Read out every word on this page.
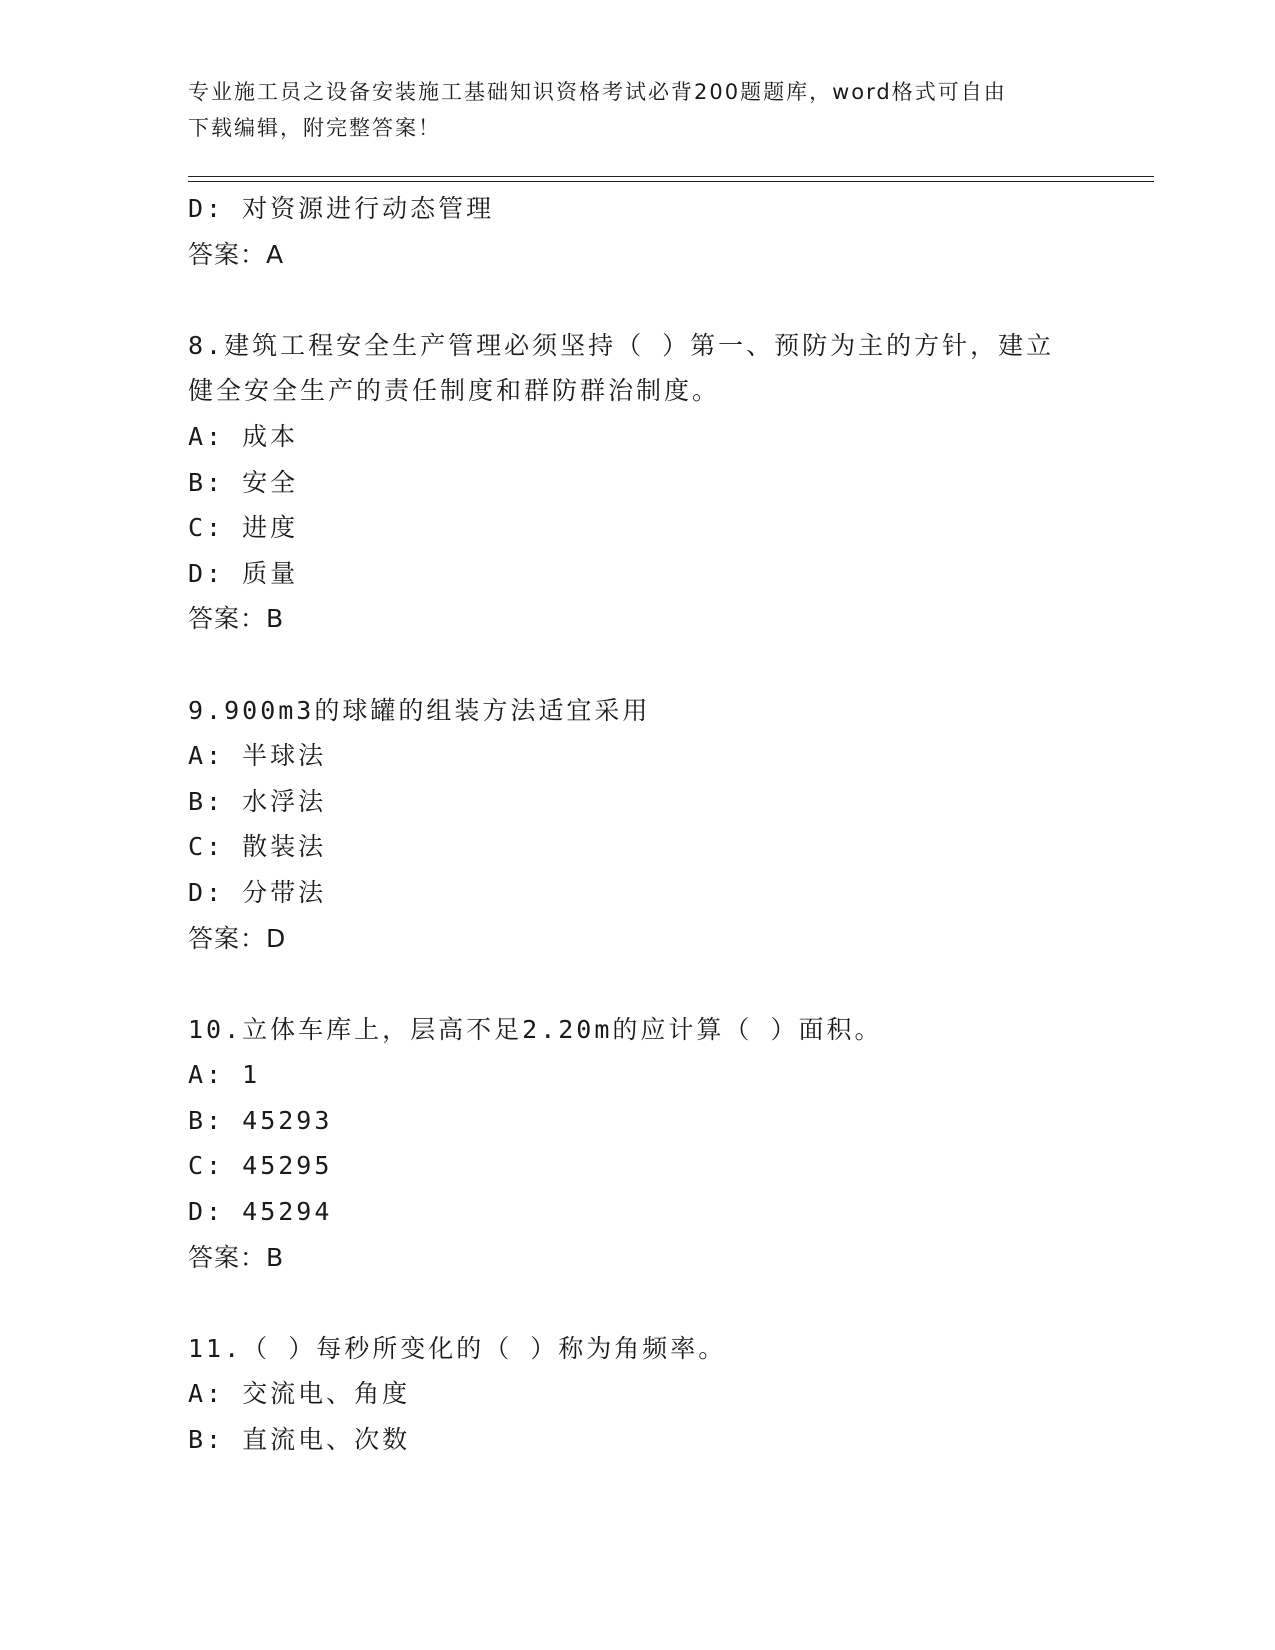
专业施工员之设备安装施工基础知识资格考试必背200题题库，word格式可自由
下载编辑，附完整答案！
D: 对资源进行动态管理
答案：A
8.建筑工程安全生产管理必须坚持（ ）第一、预防为主的方针，建立
健全安全生产的责任制度和群防群治制度。
A: 成本
B: 安全
C: 进度
D: 质量
答案：B
9.900m3的球罐的组装方法适宜采用
A: 半球法
B: 水浮法
C: 散装法
D: 分带法
答案：D
10.立体车库上，层高不足2.20m的应计算（ ）面积。
A: 1
B: 45293
C: 45295
D: 45294
答案：B
11.（ ）每秒所变化的（ ）称为角频率。
A: 交流电、角度
B: 直流电、次数
